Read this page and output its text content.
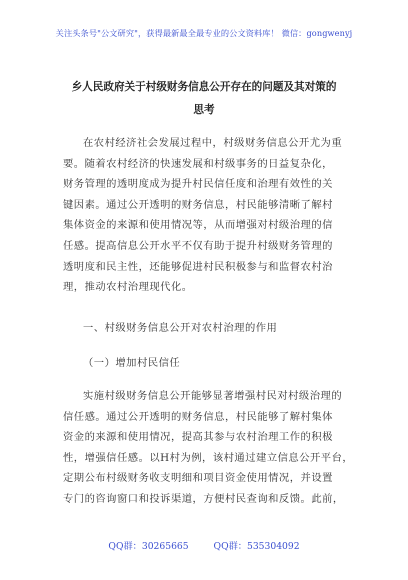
关注头条号"公文研究"，获得最新最全最专业的公文资料库！ 微信：gongwenyj
乡人民政府关于村级财务信息公开存在的问题及其对策的
思考
在农村经济社会发展过程中，村级财务信息公开尤为重
要。随着农村经济的快速发展和村级事务的日益复杂化，
财务管理的透明度成为提升村民信任度和治理有效性的关
键因素。通过公开透明的财务信息，村民能够清晰了解村
集体资金的来源和使用情况等，从而增强对村级治理的信
任感。提高信息公开水平不仅有助于提升村级财务管理的
透明度和民主性，还能够促进村民积极参与和监督农村治
理，推动农村治理现代化。
一、村级财务信息公开对农村治理的作用
（一）增加村民信任
实施村级财务信息公开能够显著增强村民对村级治理的
信任感。通过公开透明的财务信息，村民能够了解村集体
资金的来源和使用情况，提高其参与农村治理工作的积极
性，增强信任感。以H村为例，该村通过建立信息公开平台，
定期公布村级财务收支明细和项目资金使用情况，并设置
专门的咨询窗口和投诉渠道，方便村民查询和反馈。此前，
QQ群：30265665	QQ群：535304092
